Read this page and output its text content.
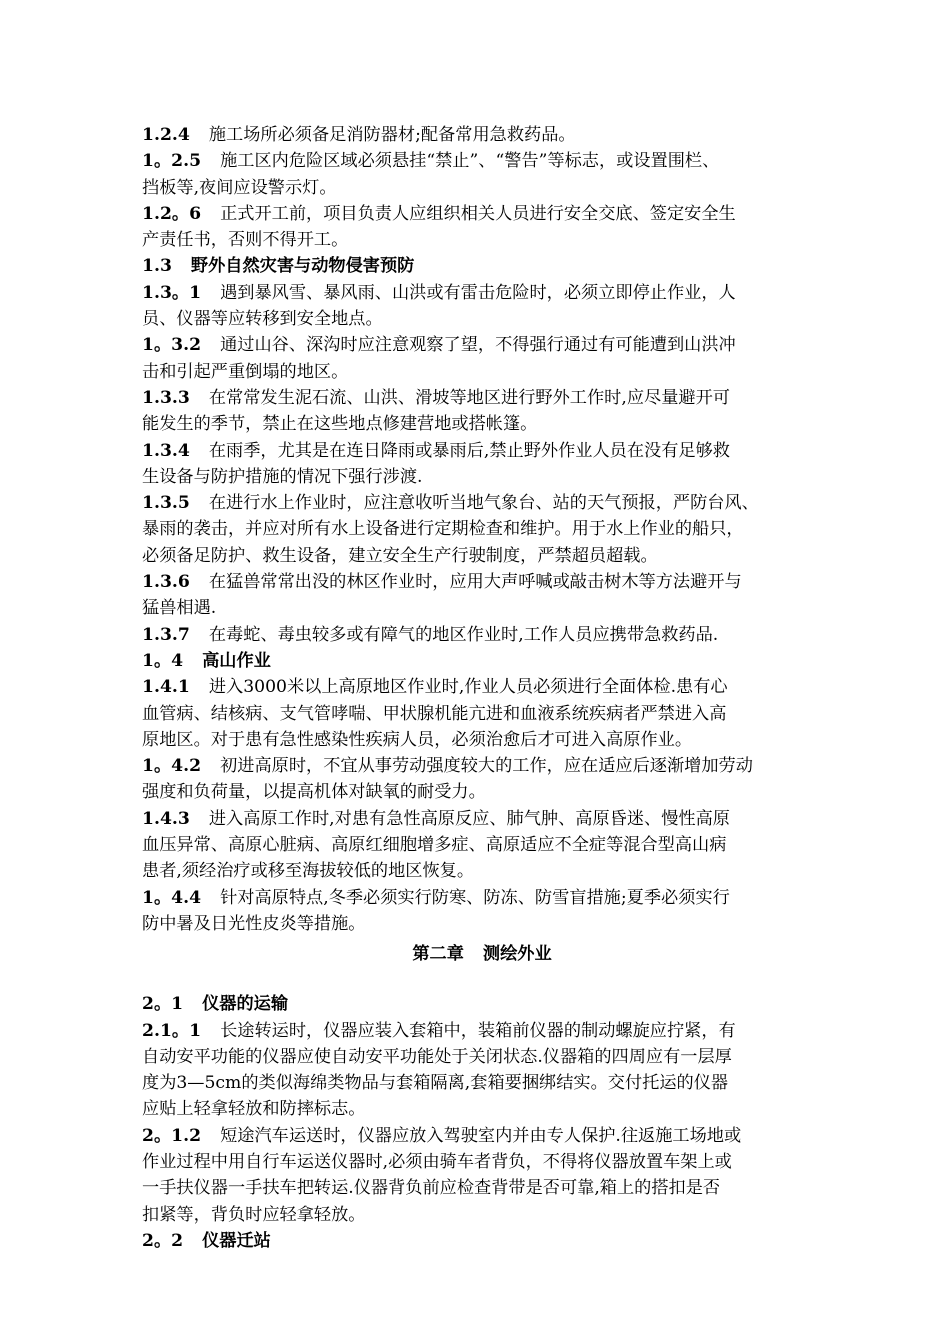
1.2.4 施工场所必须备足消防器材;配备常用急救药品。
1。2.5 施工区内危险区域必须悬挂“禁止”、“警告”等标志，或设置围栏、
挡板等,夜间应设警示灯。
1.2。6 正式开工前，项目负责人应组织相关人员进行安全交底、签定安全生
产责任书，否则不得开工。
1.3 野外自然灾害与动物侵害预防
1.3。1 遇到暴风雪、暴风雨、山洪或有雷击危险时，必须立即停止作业，人
员、仪器等应转移到安全地点。
1。3.2 通过山谷、深沟时应注意观察了望，不得强行通过有可能遭到山洪冲
击和引起严重倒塌的地区。
1.3.3 在常常发生泥石流、山洪、滑坡等地区进行野外工作时,应尽量避开可
能发生的季节，禁止在这些地点修建营地或搭帐篷。
1.3.4 在雨季，尤其是在连日降雨或暴雨后,禁止野外作业人员在没有足够救
生设备与防护措施的情况下强行涉渡.
1.3.5 在进行水上作业时，应注意收听当地气象台、站的天气预报，严防台风、
暴雨的袭击，并应对所有水上设备进行定期检查和维护。用于水上作业的船只，
必须备足防护、救生设备，建立安全生产行驶制度，严禁超员超载。
1.3.6 在猛兽常常出没的林区作业时，应用大声呼喊或敲击树木等方法避开与
猛兽相遇.
1.3.7 在毒蛇、毒虫较多或有障气的地区作业时,工作人员应携带急救药品.
1。4 高山作业
1.4.1 进入3000米以上高原地区作业时,作业人员必须进行全面体检.患有心
血管病、结核病、支气管哮喘、甲状腺机能亢进和血液系统疾病者严禁进入高
原地区。对于患有急性感染性疾病人员，必须治愈后才可进入高原作业。
1。4.2 初进高原时，不宜从事劳动强度较大的工作，应在适应后逐渐增加劳动
强度和负荷量，以提高机体对缺氧的耐受力。
1.4.3 进入高原工作时,对患有急性高原反应、肺气肿、高原昏迷、慢性高原
血压异常、高原心脏病、高原红细胞增多症、高原适应不全症等混合型高山病
患者,须经治疗或移至海拔较低的地区恢复。
1。4.4 针对高原特点,冬季必须实行防寒、防冻、防雪盲措施;夏季必须实行
防中暑及日光性皮炎等措施。
第二章 测绘外业
2。1 仪器的运输
2.1。1 长途转运时，仪器应装入套箱中，装箱前仪器的制动螺旋应拧紧，有
自动安平功能的仪器应使自动安平功能处于关闭状态.仪器箱的四周应有一层厚
度为3—5cm的类似海绵类物品与套箱隔离,套箱要捆绑结实。交付托运的仪器
应贴上轻拿轻放和防摔标志。
2。1.2 短途汽车运送时，仪器应放入驾驶室内并由专人保护.往返施工场地或
作业过程中用自行车运送仪器时,必须由骑车者背负，不得将仪器放置车架上或
一手扶仪器一手扶车把转运.仪器背负前应检查背带是否可靠,箱上的搭扣是否
扣紧等，背负时应轻拿轻放。
2。2 仪器迁站
